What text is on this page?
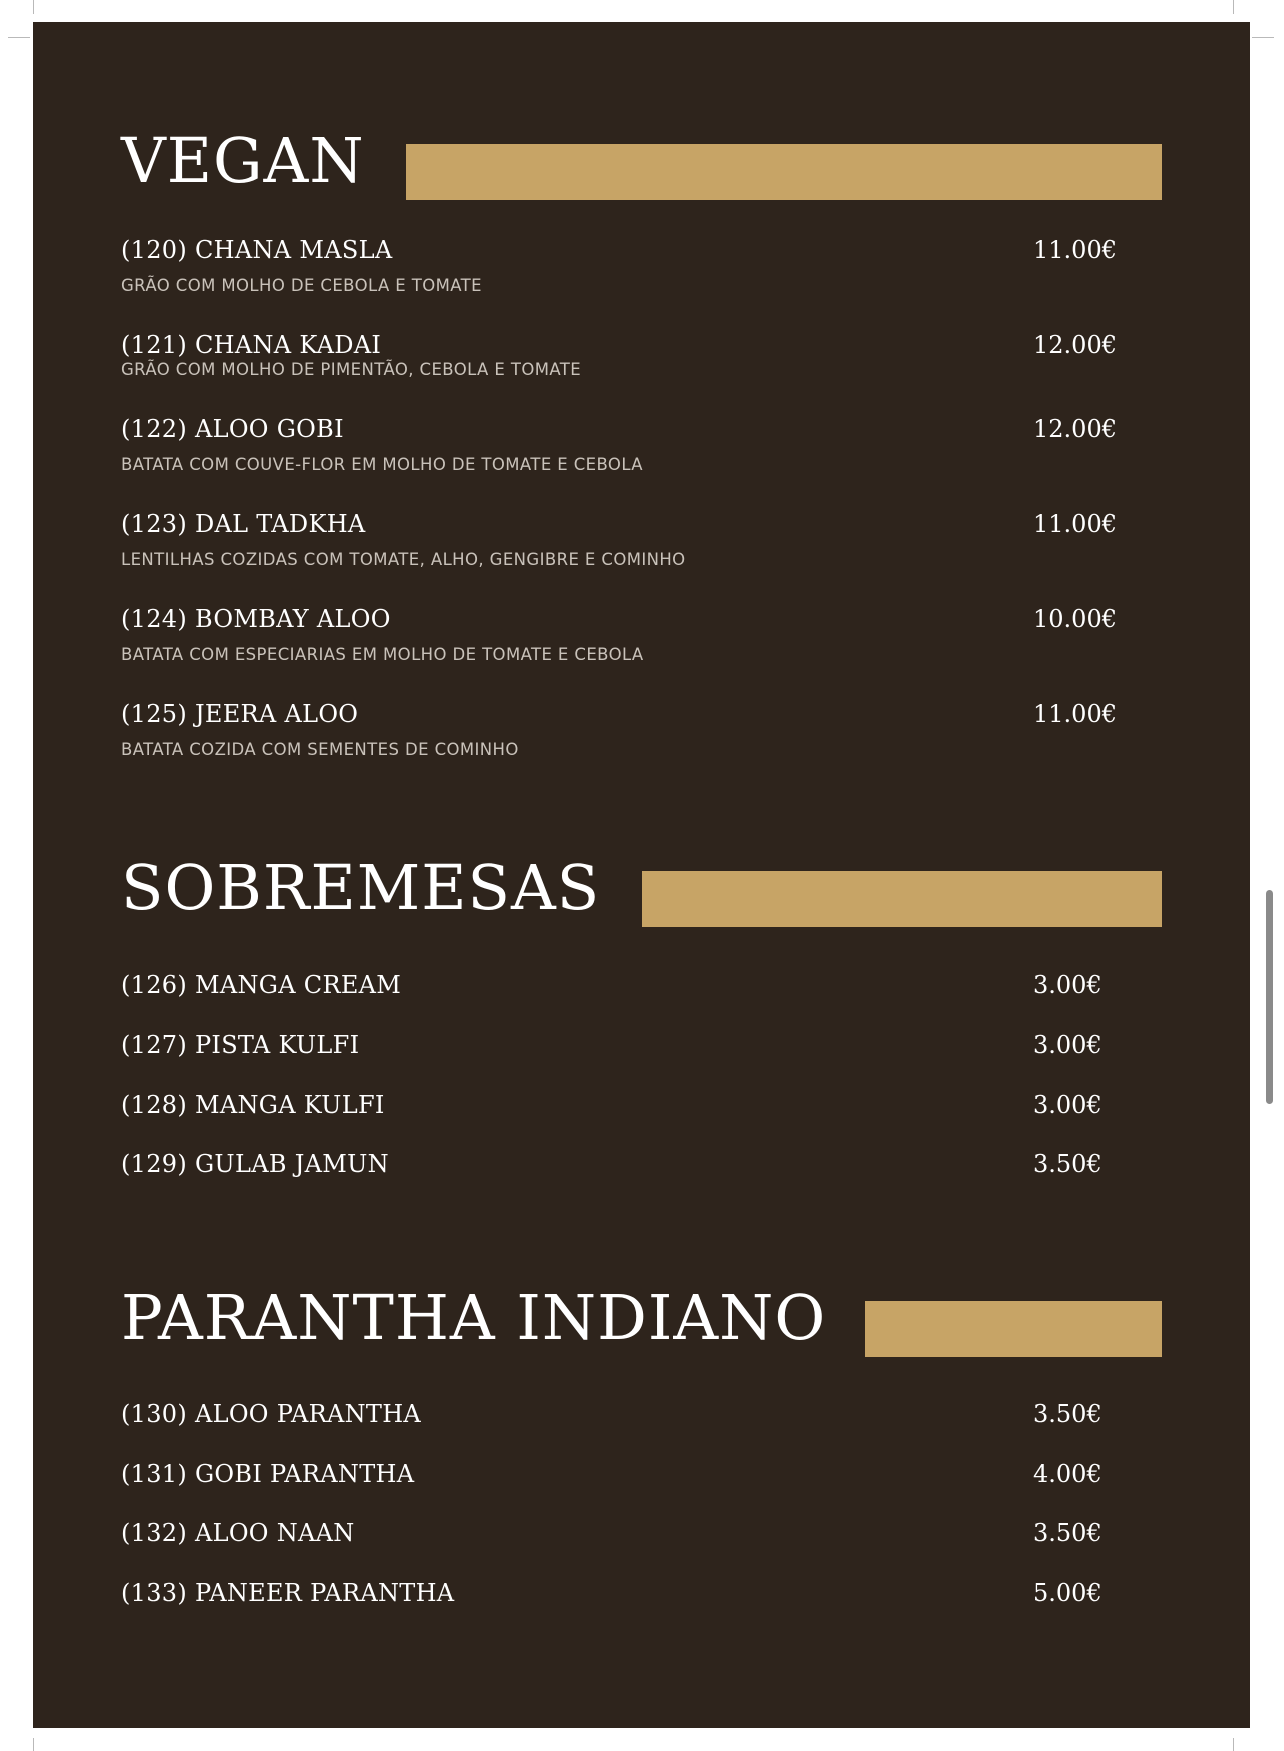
VEGAN
(120) CHANA MASLA	11.00€
GRÃO COM MOLHO DE CEBOLA E TOMATE
(121) CHANA KADAI	12.00€
GRÃO COM MOLHO DE PIMENTÃO, CEBOLA E TOMATE
(122) ALOO GOBI	12.00€
BATATA COM COUVE-FLOR EM MOLHO DE TOMATE E CEBOLA
(123) DAL TADKHA	11.00€
LENTILHAS COZIDAS COM TOMATE, ALHO, GENGIBRE E COMINHO
(124) BOMBAY ALOO	10.00€
BATATA COM ESPECIARIAS EM MOLHO DE TOMATE E CEBOLA
(125) JEERA ALOO	11.00€
BATATA COZIDA COM SEMENTES DE COMINHO
SOBREMESAS
(126) MANGA CREAM	3.00€
(127) PISTA KULFI	3.00€
(128) MANGA KULFI	3.00€
(129) GULAB JAMUN	3.50€
PARANTHA INDIANO
(130) ALOO PARANTHA	3.50€
(131) GOBI PARANTHA	4.00€
(132) ALOO NAAN	3.50€
(133) PANEER PARANTHA	5.00€
